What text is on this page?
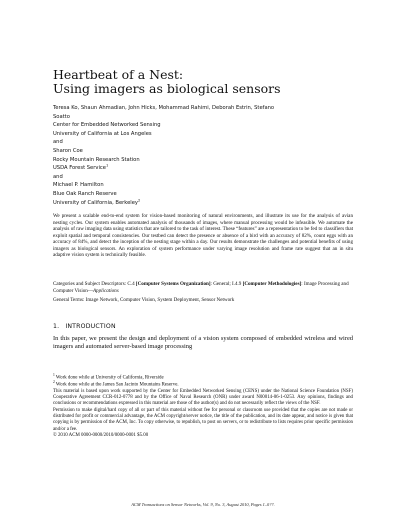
Heartbeat of a Nest:
Using imagers as biological sensors
Teresa Ko, Shaun Ahmadian, John Hicks, Mohammad Rahimi, Deborah Estrin, Stefano
Soatto
Center for Embedded Networked Sensing
University of California at Los Angeles
and
Sharon Coe
Rocky Mountain Research Station
USDA Forest Service$^1$
and
Michael P. Hamilton
Blue Oak Ranch Reserve
University of California, Berkeley$^2$
We present a scalable end-to-end system for vision-based monitoring of natural environments, and illustrate its use for the analysis of avian nesting cycles. Our system enables automated analysis of thousands of images, where manual processing would be infeasible. We automate the analysis of raw imaging data using statistics that are tailored to the task of interest. These “features” are a representation to be fed to classifiers that exploit spatial and temporal consistencies. Our testbed can detect the presence or absence of a bird with an accuracy of 82%, count eggs with an accuracy of 84%, and detect the inception of the nesting stage within a day. Our results demonstrate the challenges and potential benefits of using imagers as biological sensors. An exploration of system performance under varying image resolution and frame rate suggest that an in situ adaptive vision system is technically feasible.
Categories and Subject Descriptors: C.4 [Computer Systems Organization]: General; I.4.9 [Computer Methodologies]: Image Processing and Computer Vision—Applications
General Terms: Image Network, Computer Vision, System Deployment, Sensor Network
1. INTRODUCTION
In this paper, we present the design and deployment of a vision system composed of embedded wireless and wired imagers and automated server-based image processing

$^1$ Work done while at University of California, Riverside

$^2$ Work done while at the James San Jacinto Mountains Reserve.

This material is based upon work supported by the Center for Embedded Networked Sensing (CENS) under the National Science Foundation (NSF) Cooperative Agreement CCR-012-0778 and by the Office of Naval Research (ONR) under award N00014-06-1-0253. Any opinions, findings and conclusions or recommendations expressed in this material are those of the author(s) and do not necessarily reflect the views of the NSF.

Permission to make digital/hard copy of all or part of this material without fee for personal or classroom use provided that the copies are not made or distributed for profit or commercial advantage, the ACM copyright/server notice, the title of the publication, and its date appear, and notice is given that copying is by permission of the ACM, Inc. To copy otherwise, to republish, to post on servers, or to redistribute to lists requires prior specific permission and/or a fee.

© 2010 ACM 0000-0000/2010/0000-0001 $5.00

ACM Transactions on Sensor Networks, Vol. 9, No. 3, August 2010, Pages 1–0??.
